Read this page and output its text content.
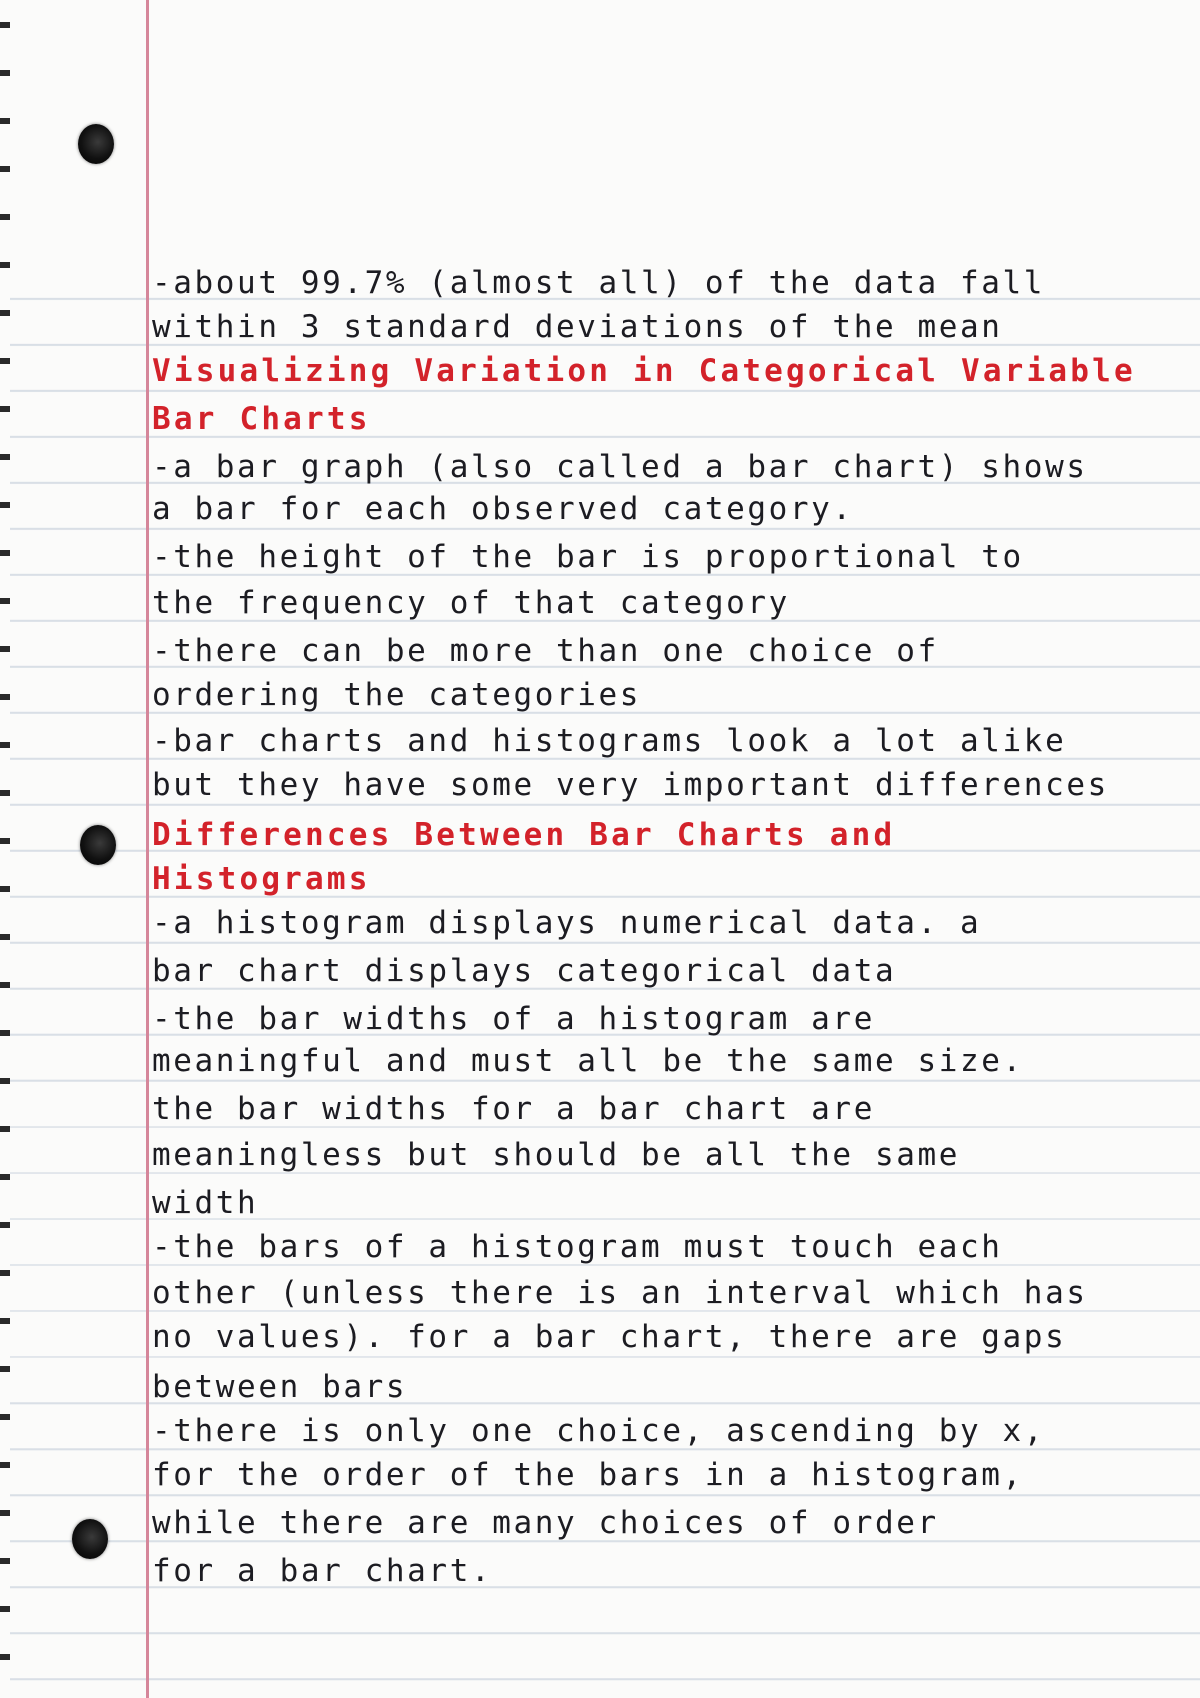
-about 99.7% (almost all) of the data fall
within 3 standard deviations of the mean
Visualizing Variation in Categorical Variable
Bar Charts
-a bar graph (also called a bar chart) shows
a bar for each observed category.
-the height of the bar is proportional to
the frequency of that category
-there can be more than one choice of
ordering the categories
-bar charts and histograms look a lot alike
but they have some very important differences
Differences Between Bar Charts and
Histograms
-a histogram displays numerical data. a
bar chart displays categorical data
-the bar widths of a histogram are
meaningful and must all be the same size.
the bar widths for a bar chart are
meaningless but should be all the same
width
-the bars of a histogram must touch each
other (unless there is an interval which has
no values). for a bar chart, there are gaps
between bars
-there is only one choice, ascending by x,
for the order of the bars in a histogram,
while there are many choices of order
for a bar chart.
